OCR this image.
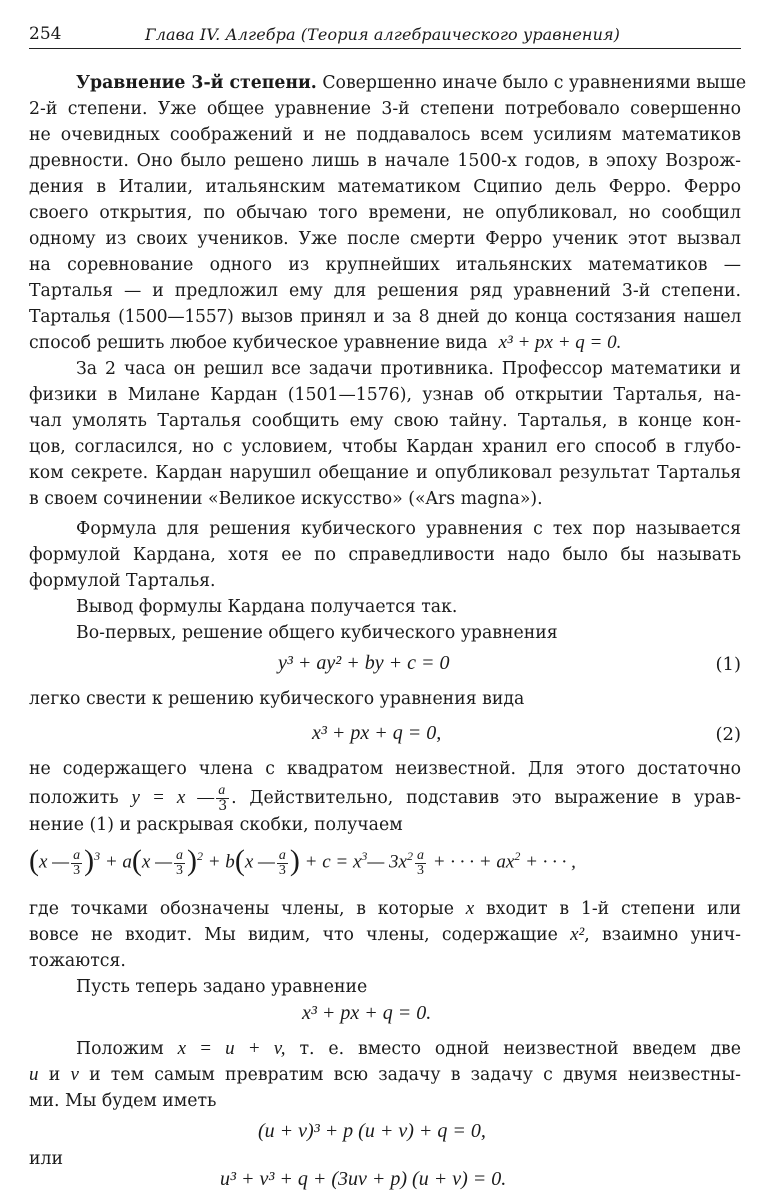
254	Глава IV. Алгебра (Теория алгебраического уравнения)
Уравнение 3-й степени. Совершенно иначе было с уравнениями выше
2-й степени. Уже общее уравнение 3-й степени потребовало совершенно
не очевидных соображений и не поддавалось всем усилиям математиков
древности. Оно было решено лишь в начале 1500-х годов, в эпоху Возрож-
дения в Италии, итальянским математиком Сципио дель Ферро. Ферро
своего открытия, по обычаю того времени, не опубликовал, но сообщил
одному из своих учеников. Уже после смерти Ферро ученик этот вызвал
на соревнование одного из крупнейших итальянских математиков —
Тарталья — и предложил ему для решения ряд уравнений 3-й степени.
Тарталья (1500—1557) вызов принял и за 8 дней до конца состязания нашел
способ решить любое кубическое уравнение вида x³ + px + q = 0.
За 2 часа он решил все задачи противника. Профессор математики и
физики в Милане Кардан (1501—1576), узнав об открытии Тарталья, на-
чал умолять Тарталья сообщить ему свою тайну. Тарталья, в конце кон-
цов, согласился, но с условием, чтобы Кардан хранил его способ в глубо-
ком секрете. Кардан нарушил обещание и опубликовал результат Тарталья
в своем сочинении «Великое искусство» («Ars magna»).
Формула для решения кубического уравнения с тех пор называется
формулой Кардана, хотя ее по справедливости надо было бы называть
формулой Тарталья.
Вывод формулы Кардана получается так.
Во-первых, решение общего кубического уравнения
y³ + ay² + by + c = 0	(1)
легко свести к решению кубического уравнения вида
x³ + px + q = 0,	(2)
не содержащего члена с квадратом неизвестной. Для этого достаточно
положить y = x — $\frac{a}{3}$ . Действительно, подставив это выражение в урав-
нение (1) и раскрывая скобки, получаем
(x — $\frac{a}{3} )^3 + a(x$ — $\frac{a}{3} )^2 + b(x$ — $\frac{a}{3}$ ) + $c = x^3—$ $3x^2 \frac{a}{3}$ + · · · + $ax^2$ + · · · ,
где точками обозначены члены, в которые x входит в 1-й степени или
вовсе не входит. Мы видим, что члены, содержащие x², взаимно унич-
тожаются.
Пусть теперь задано уравнение
x³ + px + q = 0.
Положим x = u + v, т. е. вместо одной неизвестной введем две
u и v и тем самым превратим всю задачу в задачу с двумя неизвестны-
ми. Мы будем иметь
(u + v)³ + p (u + v) + q = 0,
или
u³ + v³ + q + (3uv + p) (u + v) = 0.
